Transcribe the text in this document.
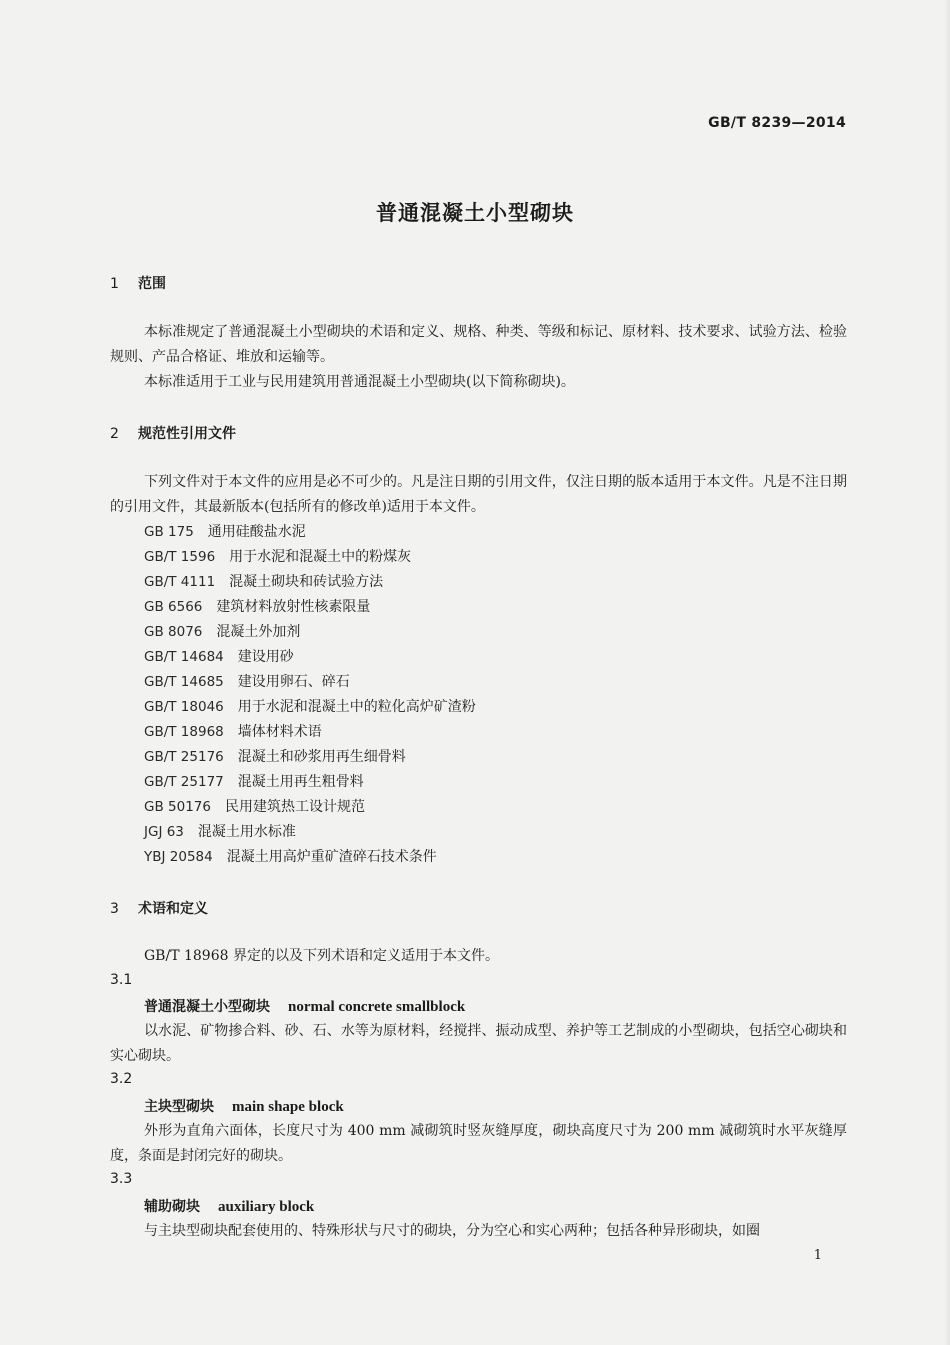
GB/T 8239—2014
普通混凝土小型砌块
1 范围

本标准规定了普通混凝土小型砌块的术语和定义、规格、种类、等级和标记、原材料、技术要求、试验方法、检验规则、产品合格证、堆放和运输等。

本标准适用于工业与民用建筑用普通混凝土小型砌块(以下简称砌块)。

2 规范性引用文件

下列文件对于本文件的应用是必不可少的。凡是注日期的引用文件，仅注日期的版本适用于本文件。凡是不注日期的引用文件，其最新版本(包括所有的修改单)适用于本文件。

GB 175 通用硅酸盐水泥
GB/T 1596 用于水泥和混凝土中的粉煤灰
GB/T 4111 混凝土砌块和砖试验方法
GB 6566 建筑材料放射性核素限量
GB 8076 混凝土外加剂
GB/T 14684 建设用砂
GB/T 14685 建设用卵石、碎石
GB/T 18046 用于水泥和混凝土中的粒化高炉矿渣粉
GB/T 18968 墙体材料术语
GB/T 25176 混凝土和砂浆用再生细骨料
GB/T 25177 混凝土用再生粗骨料
GB 50176 民用建筑热工设计规范
JGJ 63 混凝土用水标准
YBJ 20584 混凝土用高炉重矿渣碎石技术条件
3 术语和定义

GB/T 18968 界定的以及下列术语和定义适用于本文件。

3.1
普通混凝土小型砌块 normal concrete smallblock

以水泥、矿物掺合料、砂、石、水等为原材料，经搅拌、振动成型、养护等工艺制成的小型砌块，包括空心砌块和实心砌块。

3.2
主块型砌块 main shape block

外形为直角六面体，长度尺寸为 400 mm 减砌筑时竖灰缝厚度，砌块高度尺寸为 200 mm 减砌筑时水平灰缝厚度，条面是封闭完好的砌块。

3.3
辅助砌块 auxiliary block

与主块型砌块配套使用的、特殊形状与尺寸的砌块，分为空心和实心两种；包括各种异形砌块，如圈

1
